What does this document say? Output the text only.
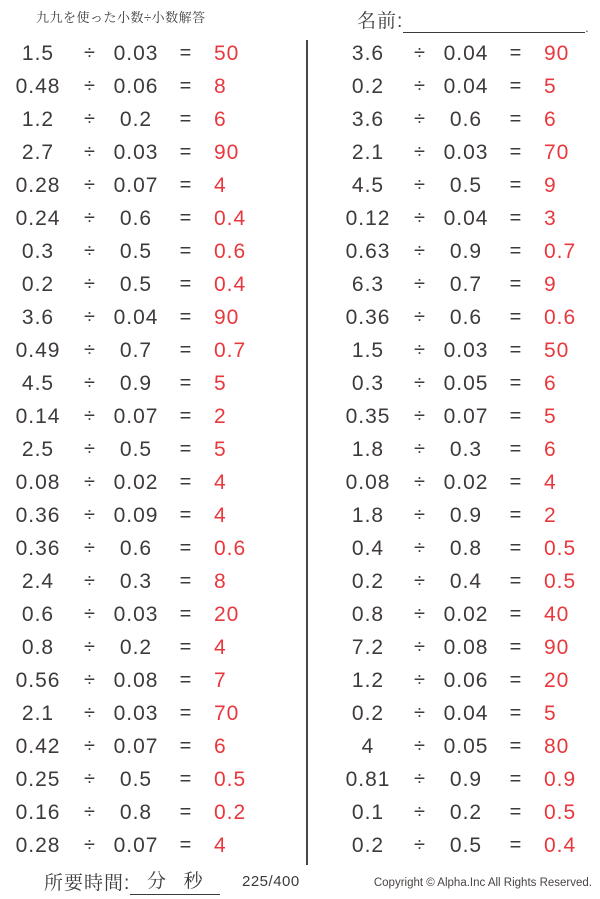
九九を使った小数÷小数解答	名前:	.
1.5	÷ 0.03	=	50
0.48	÷ 0.06	=	8
1.2	÷	0.2	=	6
2.7	÷ 0.03	=	90
0.28	÷ 0.07	=	4
0.24	÷	0.6	=	0.4
0.3	÷	0.5	=	0.6
0.2	÷	0.5	=	0.4
3.6	÷ 0.04	=	90
0.49	÷	0.7	=	0.7
4.5	÷	0.9	=	5
0.14	÷ 0.07	=	2
2.5	÷	0.5	=	5
0.08	÷ 0.02	=	4
0.36	÷ 0.09	=	4
0.36	÷	0.6	=	0.6
2.4	÷	0.3	=	8
0.6	÷ 0.03	=	20
0.8	÷	0.2	=	4
0.56	÷ 0.08	=	7
2.1	÷ 0.03	=	70
0.42	÷ 0.07	=	6
0.25	÷	0.5	=	0.5
0.16	÷	0.8	=	0.2
0.28	÷ 0.07	=	4
3.6	÷ 0.04	=	90
0.2	÷ 0.04	=	5
3.6	÷	0.6	=	6
2.1	÷ 0.03	=	70
4.5	÷	0.5	=	9
0.12	÷ 0.04	=	3
0.63	÷	0.9	=	0.7
6.3	÷	0.7	=	9
0.36	÷	0.6	=	0.6
1.5	÷ 0.03	=	50
0.3	÷ 0.05	=	6
0.35	÷ 0.07	=	5
1.8	÷	0.3	=	6
0.08	÷ 0.02	=	4
1.8	÷	0.9	=	2
0.4	÷	0.8	=	0.5
0.2	÷	0.4	=	0.5
0.8	÷ 0.02	=	40
7.2	÷ 0.08	=	90
1.2	÷ 0.06	=	20
0.2	÷ 0.04	=	5
4	÷ 0.05	=	80
0.81	÷	0.9	=	0.9
0.1	÷	0.2	=	0.5
0.2	÷	0.5	=	0.4
所要時間: 分 秒	225/400	Copyright © Alpha.Inc All Rights Reserved.
